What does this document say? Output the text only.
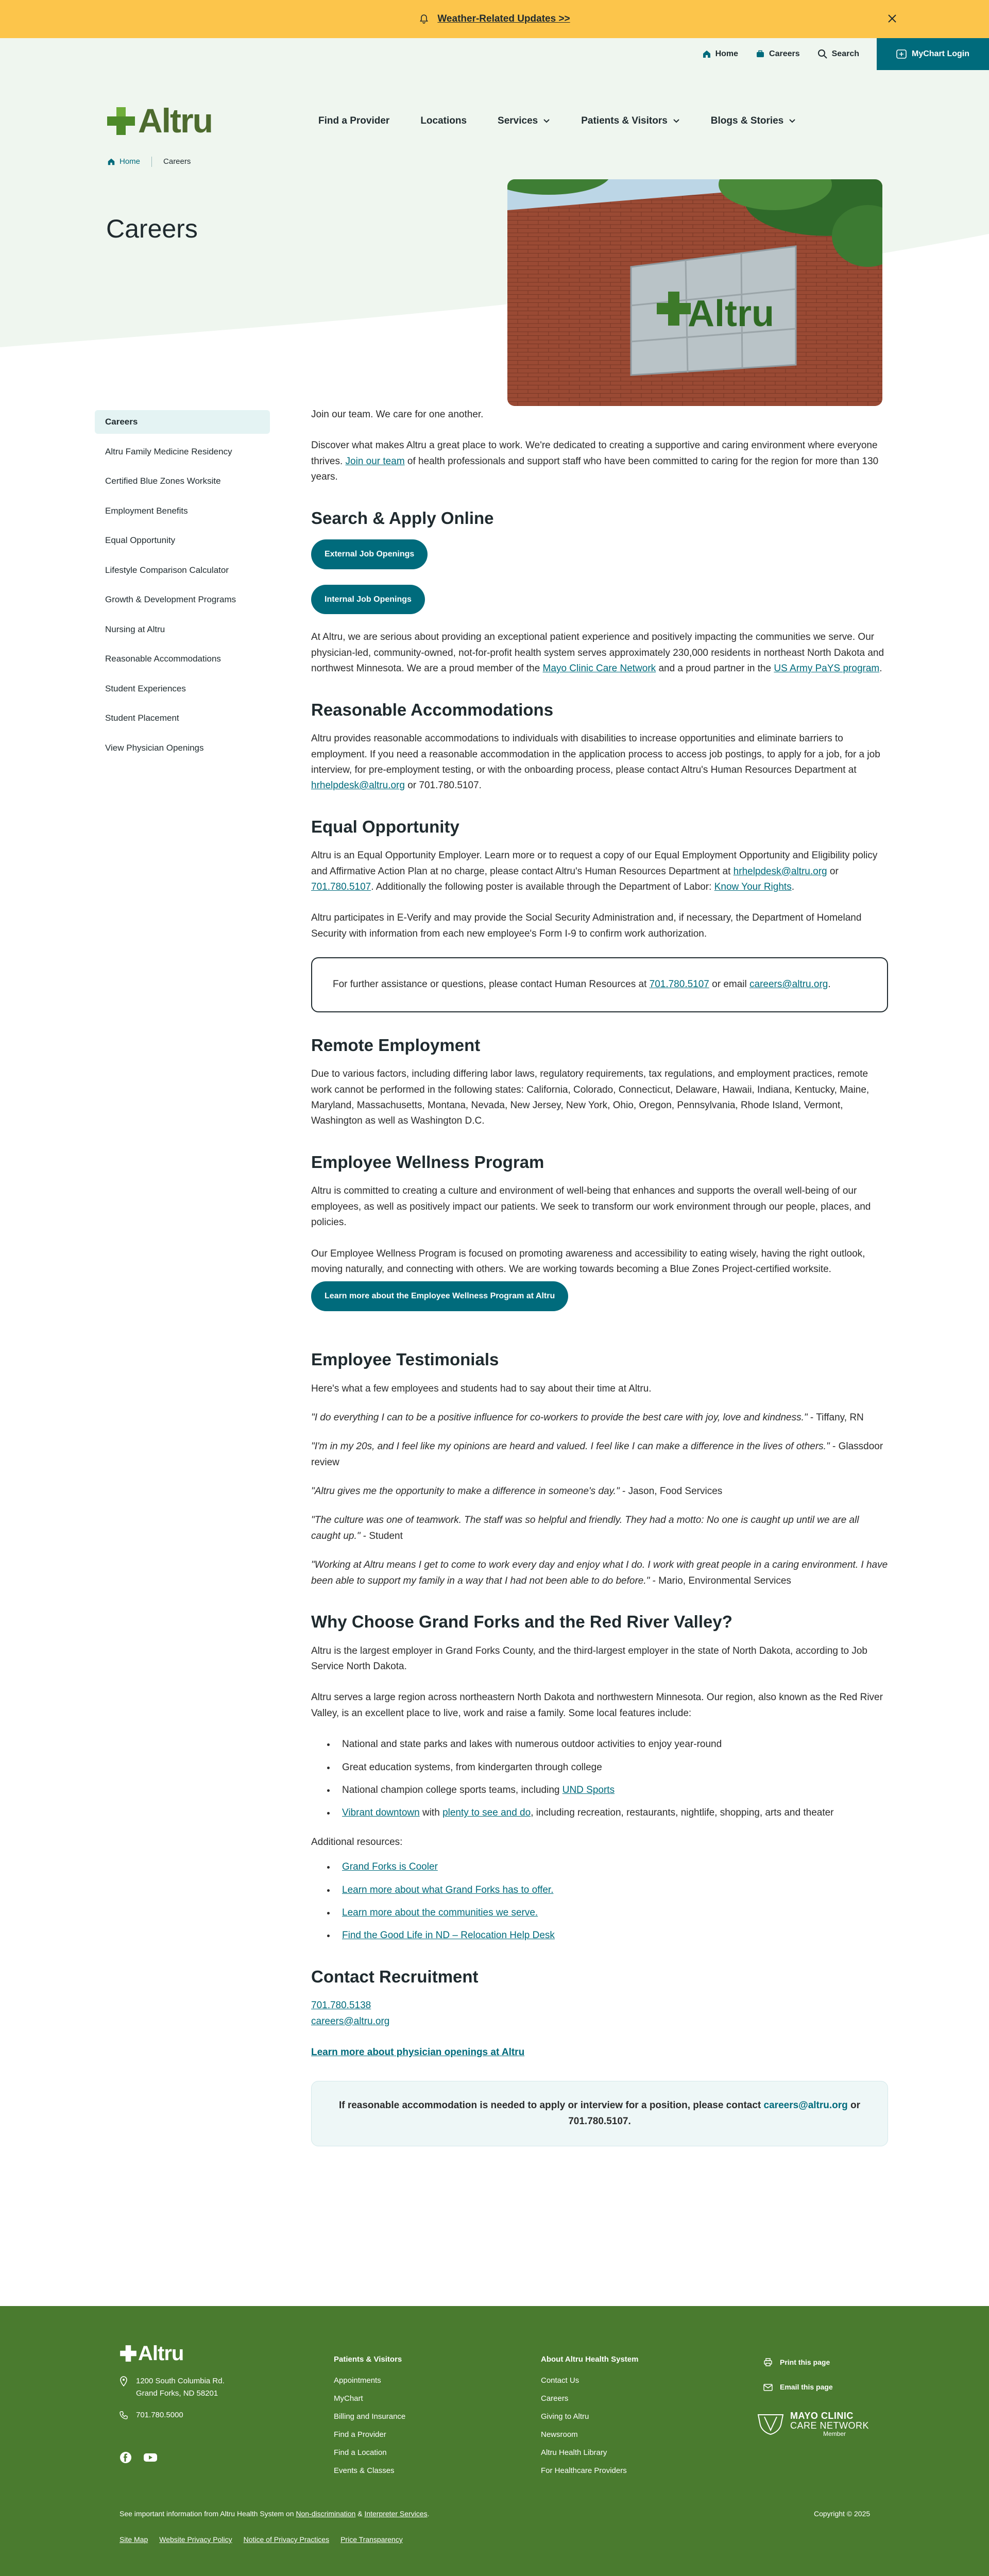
Weather-Related Updates >>
Home	Careers	Search	MyChart Login
Altru	Find a Provider	Locations	Services	Patients & Visitors	Blogs & Stories
Home	Careers
Careers
Altru
Careers
Altru Family Medicine Residency
Certified Blue Zones Worksite
Employment Benefits
Equal Opportunity
Lifestyle Comparison Calculator
Growth & Development Programs
Nursing at Altru
Reasonable Accommodations
Student Experiences
Student Placement
View Physician Openings

Join our team. We care for one another.

Discover what makes Altru a great place to work. We're dedicated to creating a supportive and caring environment where everyone thrives. Join our team of health professionals and support staff who have been committed to caring for the region for more than 130 years.

Search & Apply Online
External Job Openings
Internal Job Openings

At Altru, we are serious about providing an exceptional patient experience and positively impacting the communities we serve. Our physician-led, community-owned, not-for-profit health system serves approximately 230,000 residents in northeast North Dakota and northwest Minnesota. We are a proud member of the Mayo Clinic Care Network and a proud partner in the US Army PaYS program.

Reasonable Accommodations

Altru provides reasonable accommodations to individuals with disabilities to increase opportunities and eliminate barriers to employment. If you need a reasonable accommodation in the application process to access job postings, to apply for a job, for a job interview, for pre-employment testing, or with the onboarding process, please contact Altru's Human Resources Department at hrhelpdesk@altru.org or 701.780.5107.

Equal Opportunity

Altru is an Equal Opportunity Employer. Learn more or to request a copy of our Equal Employment Opportunity and Eligibility policy and Affirmative Action Plan at no charge, please contact Altru's Human Resources Department at hrhelpdesk@altru.org or 701.780.5107. Additionally the following poster is available through the Department of Labor: Know Your Rights.

Altru participates in E-Verify and may provide the Social Security Administration and, if necessary, the Department of Homeland Security with information from each new employee's Form I-9 to confirm work authorization.

For further assistance or questions, please contact Human Resources at 701.780.5107 or email careers@altru.org.

Remote Employment

Due to various factors, including differing labor laws, regulatory requirements, tax regulations, and employment practices, remote work cannot be performed in the following states: California, Colorado, Connecticut, Delaware, Hawaii, Indiana, Kentucky, Maine, Maryland, Massachusetts, Montana, Nevada, New Jersey, New York, Ohio, Oregon, Pennsylvania, Rhode Island, Vermont, Washington as well as Washington D.C.

Employee Wellness Program

Altru is committed to creating a culture and environment of well-being that enhances and supports the overall well-being of our employees, as well as positively impact our patients. We seek to transform our work environment through our people, places, and policies.

Our Employee Wellness Program is focused on promoting awareness and accessibility to eating wisely, having the right outlook, moving naturally, and connecting with others. We are working towards becoming a Blue Zones Project-certified worksite.

Learn more about the Employee Wellness Program at Altru
Employee Testimonials

Here's what a few employees and students had to say about their time at Altru.

"I do everything I can to be a positive influence for co-workers to provide the best care with joy, love and kindness." - Tiffany, RN

"I'm in my 20s, and I feel like my opinions are heard and valued. I feel like I can make a difference in the lives of others." - Glassdoor review

"Altru gives me the opportunity to make a difference in someone's day." - Jason, Food Services

"The culture was one of teamwork. The staff was so helpful and friendly. They had a motto: No one is caught up until we are all caught up." - Student

"Working at Altru means I get to come to work every day and enjoy what I do. I work with great people in a caring environment. I have been able to support my family in a way that I had not been able to do before." - Mario, Environmental Services

Why Choose Grand Forks and the Red River Valley?

Altru is the largest employer in Grand Forks County, and the third-largest employer in the state of North Dakota, according to Job Service North Dakota.

Altru serves a large region across northeastern North Dakota and northwestern Minnesota. Our region, also known as the Red River Valley, is an excellent place to live, work and raise a family. Some local features include:

• National and state parks and lakes with numerous outdoor activities to enjoy year-round
• Great education systems, from kindergarten through college
• National champion college sports teams, including UND Sports
• Vibrant downtown with plenty to see and do, including recreation, restaurants, nightlife, shopping, arts and theater

Additional resources:

• Grand Forks is Cooler
• Learn more about what Grand Forks has to offer.
• Learn more about the communities we serve.
• Find the Good Life in ND – Relocation Help Desk
Contact Recruitment
701.780.5138
careers@altru.org
Learn more about physician openings at Altru
If reasonable accommodation is needed to apply or interview for a position, please contact careers@altru.org or 701.780.5107.
Altru
1200 South Columbia Rd.
Grand Forks, ND 58201
701.780.5000
Patients & Visitors
Appointments
MyChart
Billing and Insurance
Find a Provider
Find a Location
Events & Classes
About Altru Health System
Contact Us
Careers
Giving to Altru
Newsroom
Altru Health Library
For Healthcare Providers
Print this page
Email this page
MAYO CLINIC
CARE NETWORK
Member
See important information from Altru Health System on Non-discrimination & Interpreter Services.	Copyright © 2025
Site Map Website Privacy Policy Notice of Privacy Practices Price Transparency
